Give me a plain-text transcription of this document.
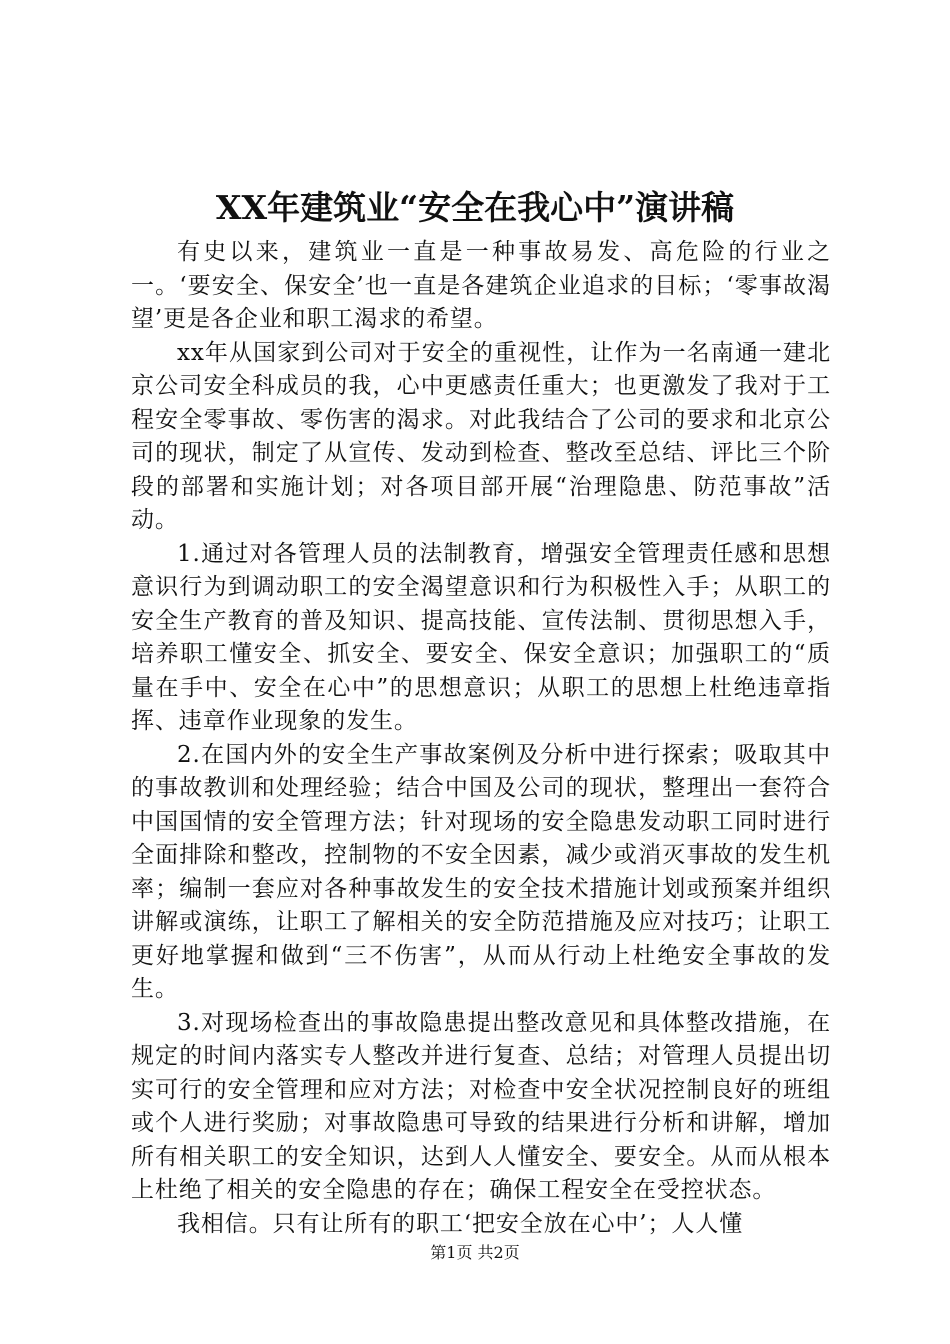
XX年建筑业“安全在我心中”演讲稿

有史以来，建筑业一直是一种事故易发、高危险的行业之一。‘要安全、保安全’也一直是各建筑企业追求的目标；‘零事故渴望’更是各企业和职工渴求的希望。

xx年从国家到公司对于安全的重视性，让作为一名南通一建北京公司安全科成员的我，心中更感责任重大；也更激发了我对于工程安全零事故、零伤害的渴求。对此我结合了公司的要求和北京公司的现状，制定了从宣传、发动到检查、整改至总结、评比三个阶段的部署和实施计划；对各项目部开展“治理隐患、防范事故”活动。

1.通过对各管理人员的法制教育，增强安全管理责任感和思想意识行为到调动职工的安全渴望意识和行为积极性入手；从职工的安全生产教育的普及知识、提高技能、宣传法制、贯彻思想入手，培养职工懂安全、抓安全、要安全、保安全意识；加强职工的“质量在手中、安全在心中”的思想意识；从职工的思想上杜绝违章指挥、违章作业现象的发生。

2.在国内外的安全生产事故案例及分析中进行探索；吸取其中的事故教训和处理经验；结合中国及公司的现状，整理出一套符合中国国情的安全管理方法；针对现场的安全隐患发动职工同时进行全面排除和整改，控制物的不安全因素，减少或消灭事故的发生机率；编制一套应对各种事故发生的安全技术措施计划或预案并组织讲解或演练，让职工了解相关的安全防范措施及应对技巧；让职工更好地掌握和做到“三不伤害”，从而从行动上杜绝安全事故的发生。

3.对现场检查出的事故隐患提出整改意见和具体整改措施，在规定的时间内落实专人整改并进行复查、总结；对管理人员提出切实可行的安全管理和应对方法；对检查中安全状况控制良好的班组或个人进行奖励；对事故隐患可导致的结果进行分析和讲解，增加所有相关职工的安全知识，达到人人懂安全、要安全。从而从根本上杜绝了相关的安全隐患的存在；确保工程安全在受控状态。

我相信。只有让所有的职工‘把安全放在心中’；人人懂

第1页 共2页
